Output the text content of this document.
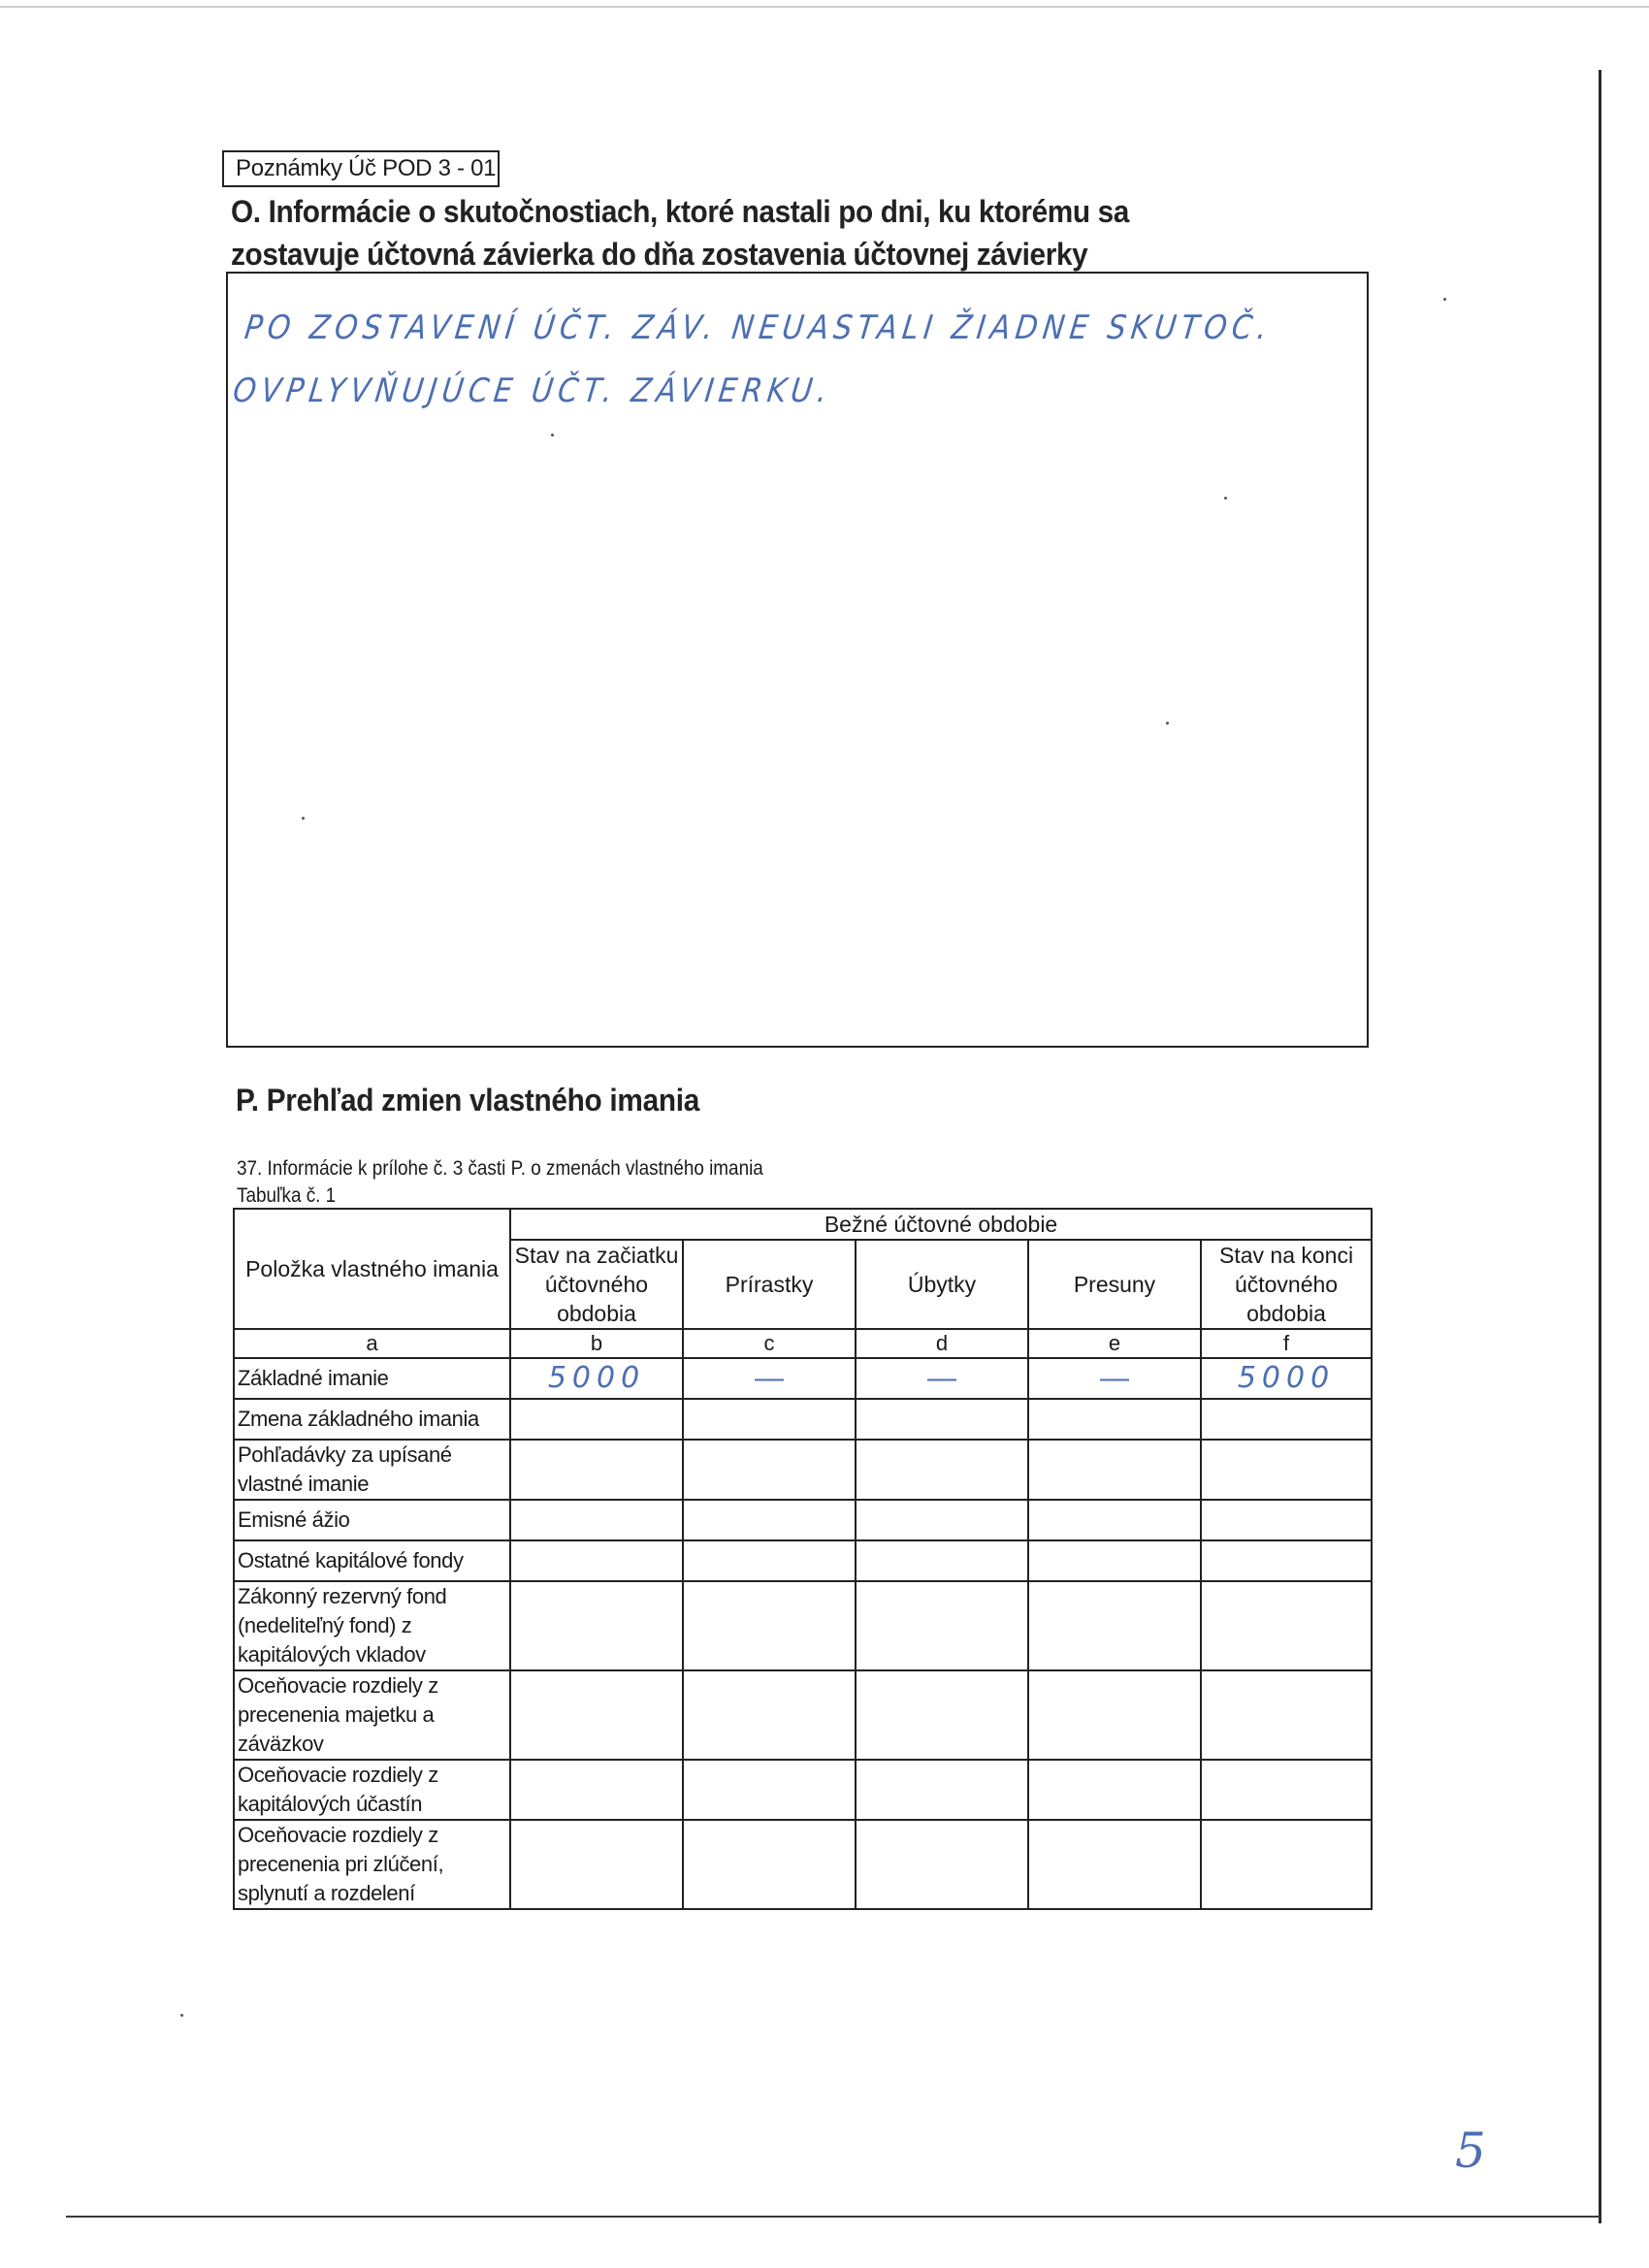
Poznámky Úč POD 3 - 01
O. Informácie o skutočnostiach, ktoré nastali po dni, ku ktorému sa zostavuje účtovná závierka do dňa zostavenia účtovnej závierky
PO ZOSTAVENÍ ÚČT. ZÁV. NEUASTALI ŽIADNE SKUTOČ.
OVPLYVŇUJÚCE ÚČT. ZÁVIERKU.
P. Prehľad zmien vlastného imania
37. Informácie k prílohe č. 3 časti P. o zmenách vlastného imania
Tabuľka č. 1
Položka vlastného imania	Bežné účtovné obdobie				
	Stav na začiatku účtovného obdobia	Prírastky	Úbytky	Presuny	Stav na konci účtovného obdobia
a	b	c	d	e	f
Základné imanie	5000	—	—	—	5000
Zmena základného imania					
Pohľadávky za upísané vlastné imanie					
Emisné ážio					
Ostatné kapitálové fondy					
Zákonný rezervný fond (nedeliteľný fond) z kapitálových vkladov					
Oceňovacie rozdiely z precenenia majetku a záväzkov					
Oceňovacie rozdiely z kapitálových účastín					
Oceňovacie rozdiely z precenenia pri zlúčení, splynutí a rozdelení					
5
